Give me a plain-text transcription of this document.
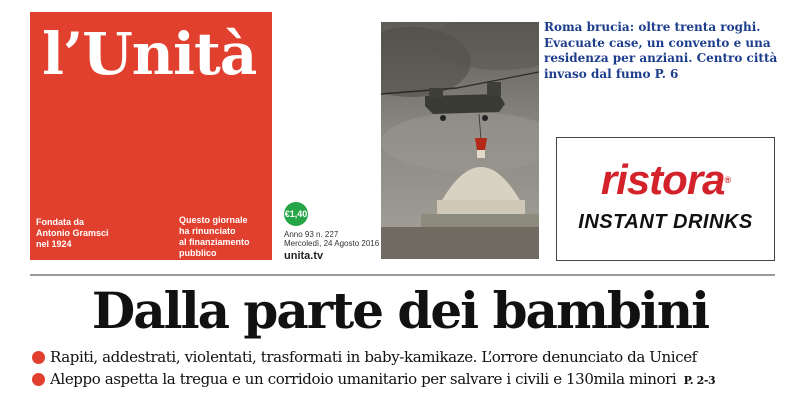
l’Unità
Fondata da
Antonio Gramsci
nel 1924
Questo giornale
ha rinunciato
al finanziamento
pubblico
€1,40
Anno 93 n. 227
Mercoledì, 24 Agosto 2016
unita.tv
Roma brucia: oltre trenta roghi. Evacuate case, un convento e una residenza per anziani. Centro città invaso dal fumo P. 6
ristora®
INSTANT DRINKS
Dalla parte dei bambini
Rapiti, addestrati, violentati, trasformati in baby-kamikaze. L’orrore denunciato da Unicef
Aleppo aspetta la tregua e un corridoio umanitario per salvare i civili e 130mila minori P. 2-3
